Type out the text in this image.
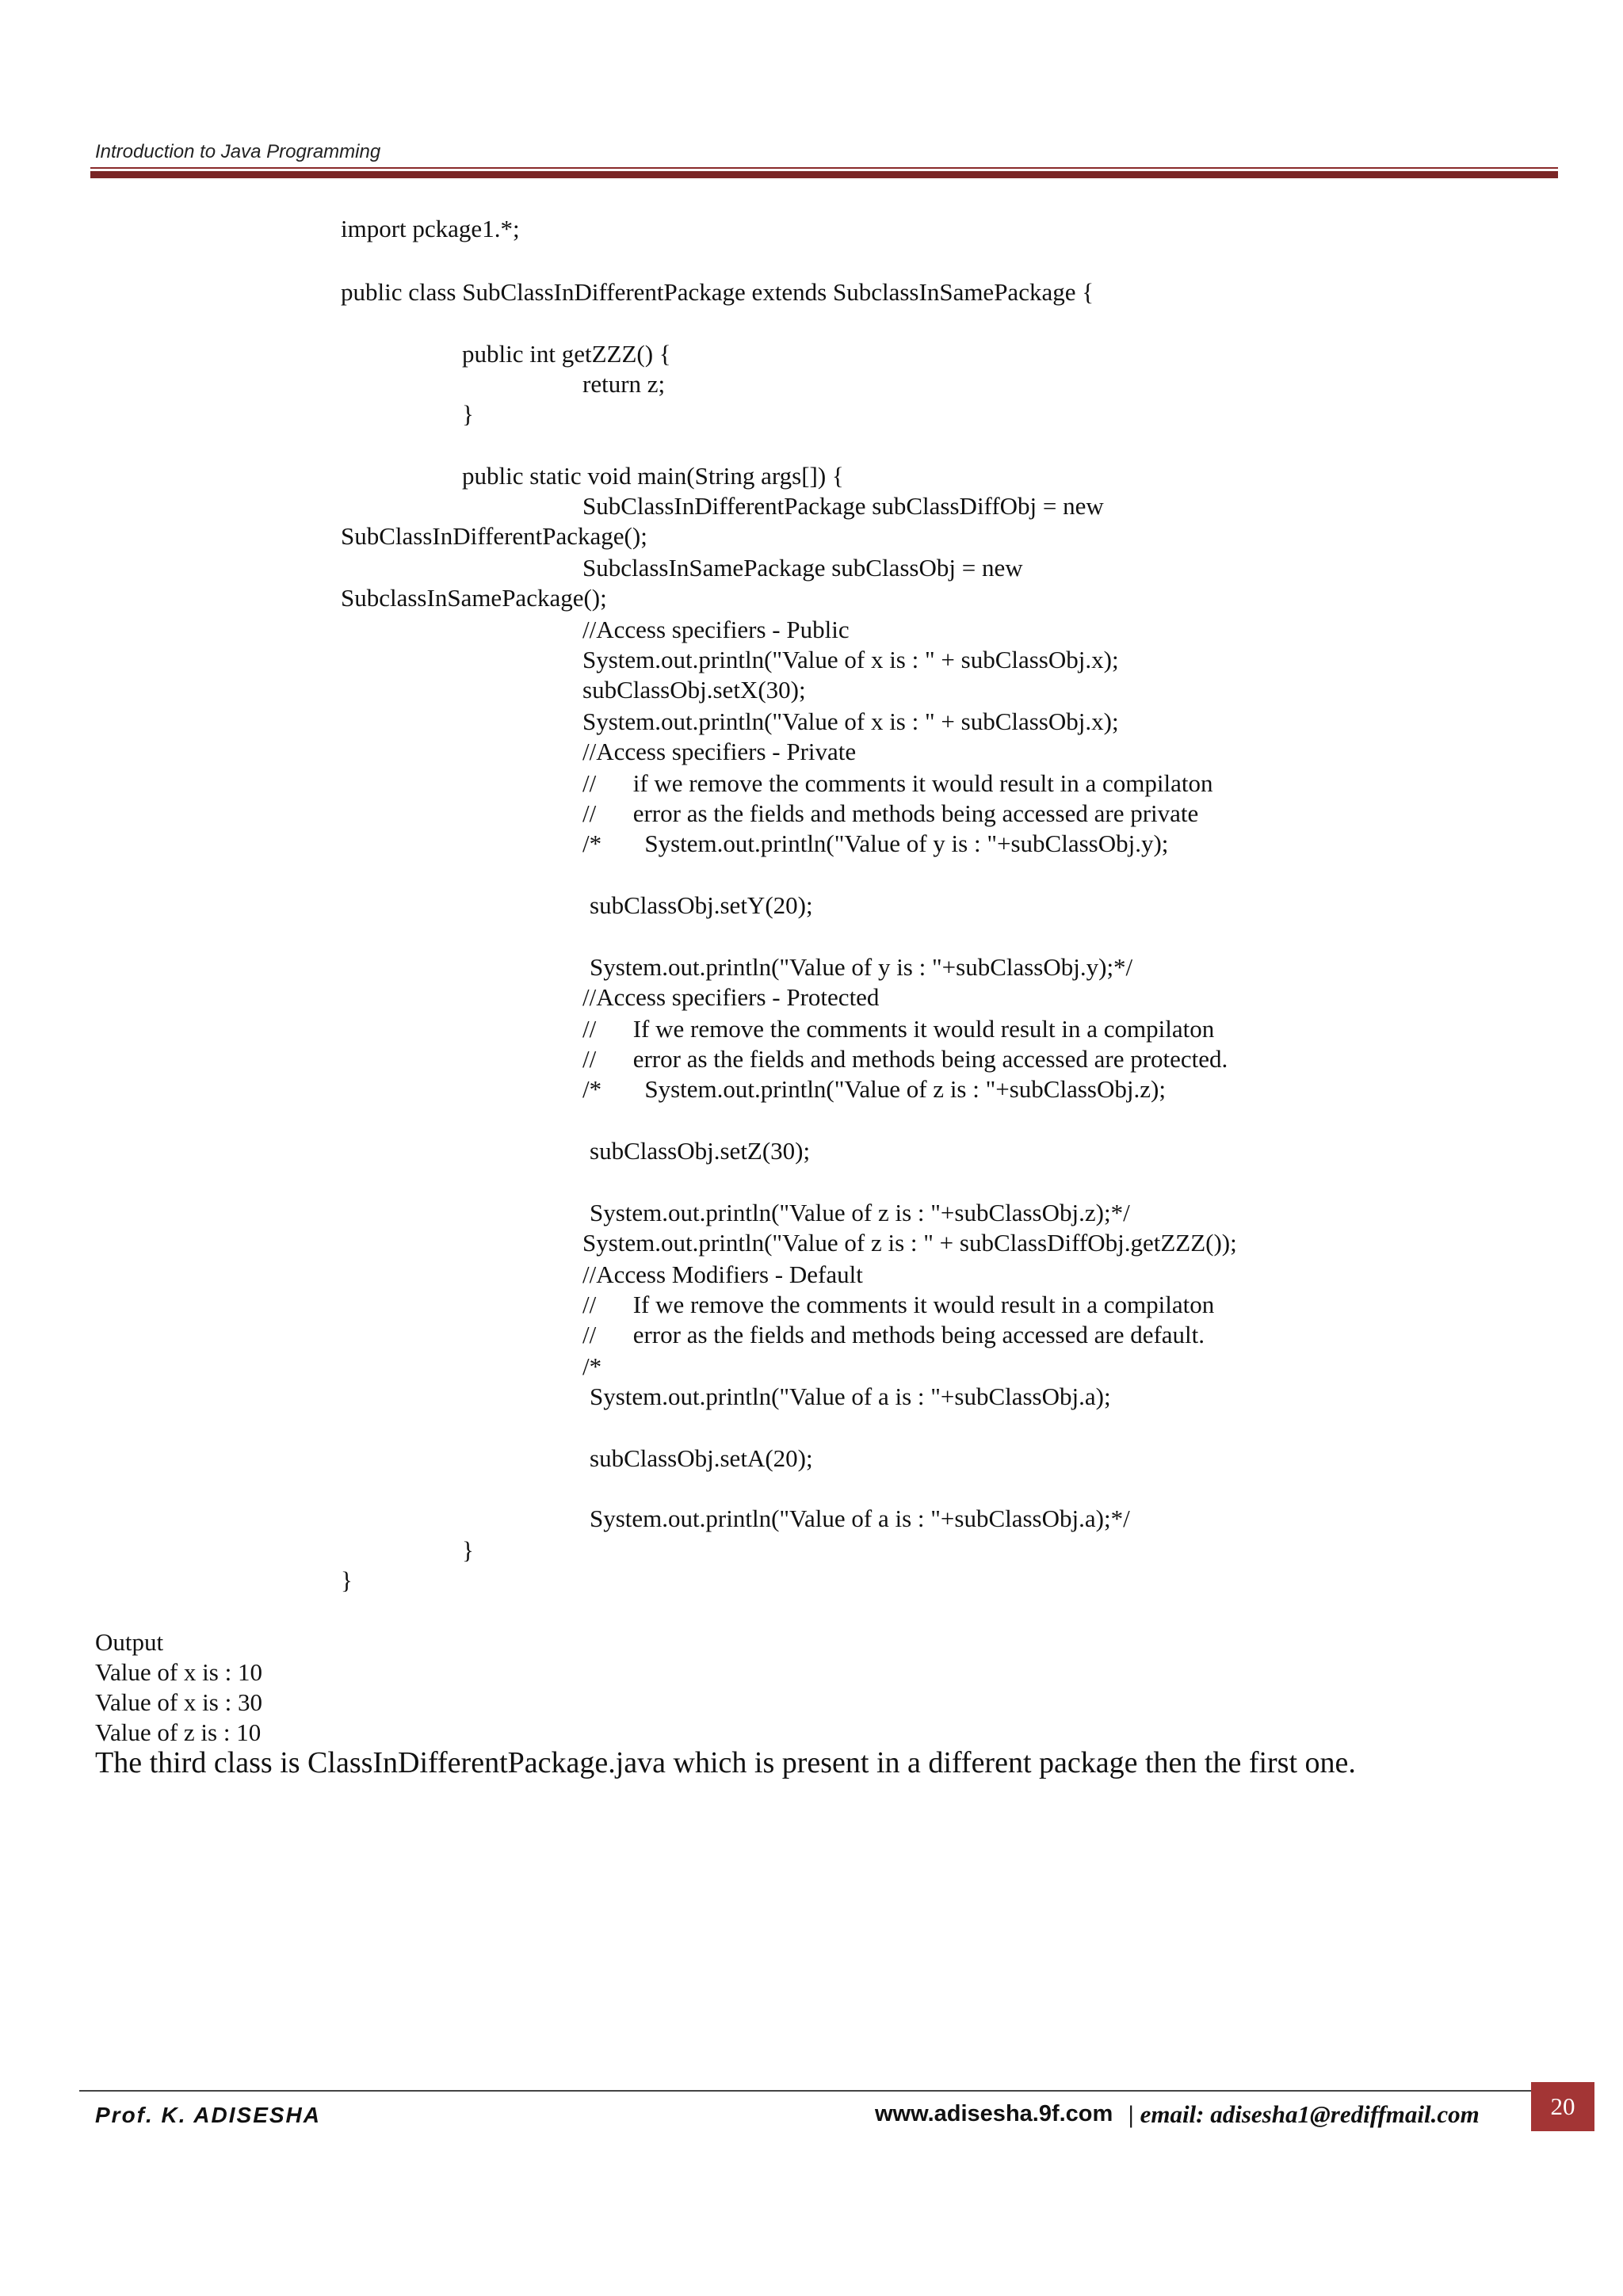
Introduction to Java Programming
import pckage1.*;
public class SubClassInDifferentPackage extends SubclassInSamePackage {
public int getZZZ() {
return z;
}
public static void main(String args[]) {
SubClassInDifferentPackage subClassDiffObj = new
SubClassInDifferentPackage();
SubclassInSamePackage subClassObj = new
SubclassInSamePackage();
//Access specifiers - Public
System.out.println("Value of x is : " + subClassObj.x);
subClassObj.setX(30);
System.out.println("Value of x is : " + subClassObj.x);
//Access specifiers - Private
//      if we remove the comments it would result in a compilaton
//      error as the fields and methods being accessed are private
/*       System.out.println("Value of y is : "+subClassObj.y);
subClassObj.setY(20);
System.out.println("Value of y is : "+subClassObj.y);*/
//Access specifiers - Protected
//      If we remove the comments it would result in a compilaton
//      error as the fields and methods being accessed are protected.
/*       System.out.println("Value of z is : "+subClassObj.z);
subClassObj.setZ(30);
System.out.println("Value of z is : "+subClassObj.z);*/
System.out.println("Value of z is : " + subClassDiffObj.getZZZ());
//Access Modifiers - Default
//      If we remove the comments it would result in a compilaton
//      error as the fields and methods being accessed are default.
/*
System.out.println("Value of a is : "+subClassObj.a);
subClassObj.setA(20);
System.out.println("Value of a is : "+subClassObj.a);*/
}
}
Output
Value of x is : 10
Value of x is : 30
Value of z is : 10
The third class is ClassInDifferentPackage.java which is present in a different package then the first one.
Prof. K. ADISESHA	www.adisesha.9f.com | email: adisesha1@rediffmail.com	20
